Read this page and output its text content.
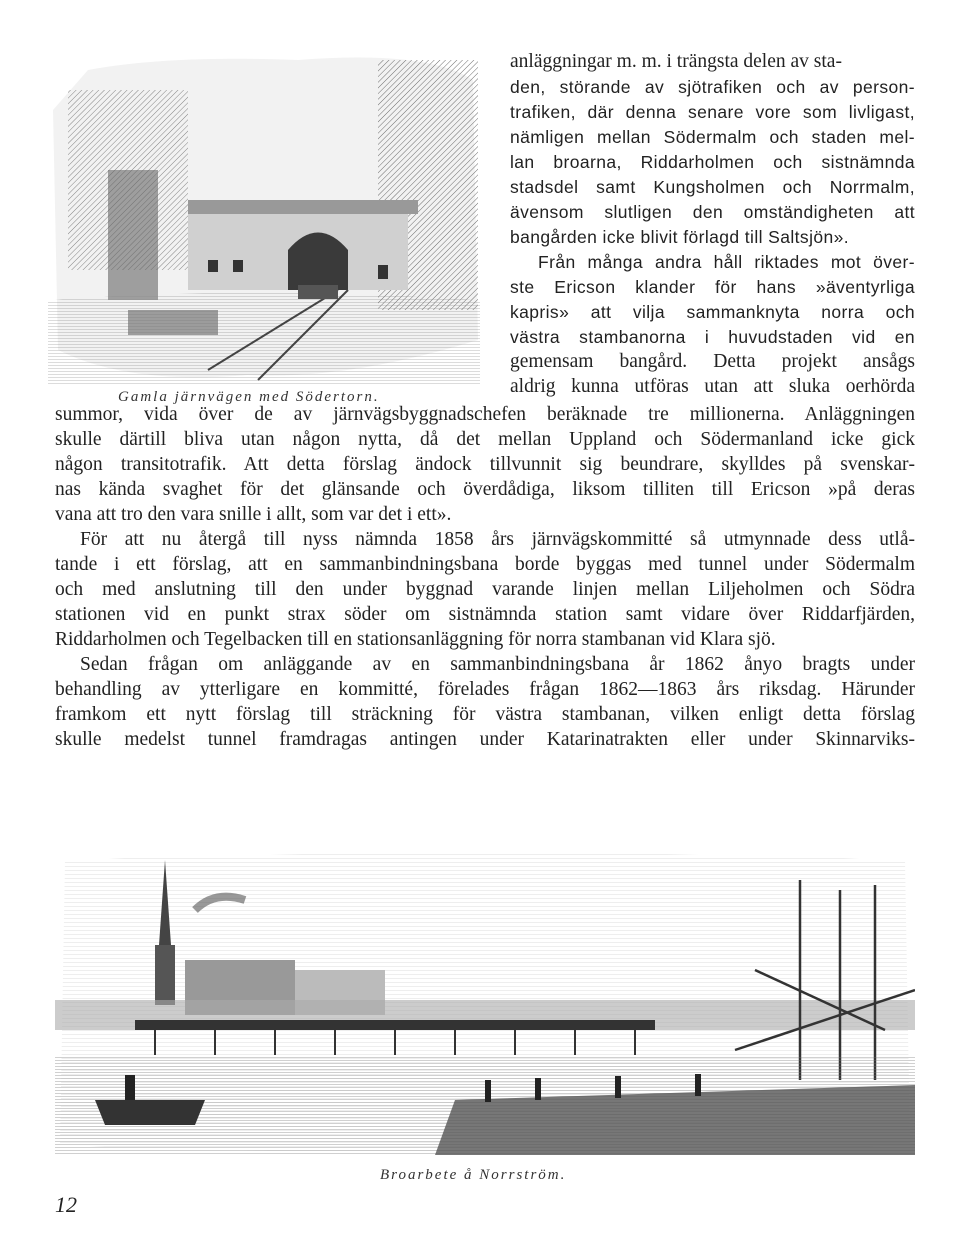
Gamla järnvägen med Södertorn.
anläggningar m. m. i trängsta delen av sta‑
den, störande av sjötrafiken och av person‑
trafiken, där denna senare vore som livligast,
nämligen mellan Södermalm och staden mel‑
lan broarna, Riddarholmen och sistnämnda
stadsdel samt Kungsholmen och Norrmalm,
ävensom slutligen den omständigheten att
bangården icke blivit förlagd till Saltsjön».
Från många andra håll riktades mot över‑
ste Ericson klander för hans »äventyrliga
kapris» att vilja sammanknyta norra och
västra stambanorna i huvudstaden vid en
gemensam bangård. Detta projekt ansågs
aldrig kunna utföras utan att sluka oerhörda
summor, vida över de av järnvägsbyggnadschefen beräknade tre millionerna. Anläggningen
skulle därtill bliva utan någon nytta, då det mellan Uppland och Södermanland icke gick
någon transitotrafik. Att detta förslag ändock tillvunnit sig beundrare, skylldes på svenskar‑
nas kända svaghet för det glänsande och överdådiga, liksom tilliten till Ericson »på deras
vana att tro den vara snille i allt, som var det i ett».
För att nu återgå till nyss nämnda 1858 års järnvägskommitté så utmynnade dess utlå‑
tande i ett förslag, att en sammanbindningsbana borde byggas med tunnel under Södermalm
och med anslutning till den under byggnad varande linjen mellan Liljeholmen och Södra
stationen vid en punkt strax söder om sistnämnda station samt vidare över Riddarfjärden,
Riddarholmen och Tegelbacken till en stationsanläggning för norra stambanan vid Klara sjö.
Sedan frågan om anläggande av en sammanbindningsbana år 1862 ånyo bragts under
behandling av ytterligare en kommitté, förelades frågan 1862—1863 års riksdag. Härunder
framkom ett nytt förslag till sträckning för västra stambanan, vilken enligt detta förslag
skulle medelst tunnel framdragas antingen under Katarinatrakten eller under Skinnarviks‑
Broarbete å Norrström.
12
